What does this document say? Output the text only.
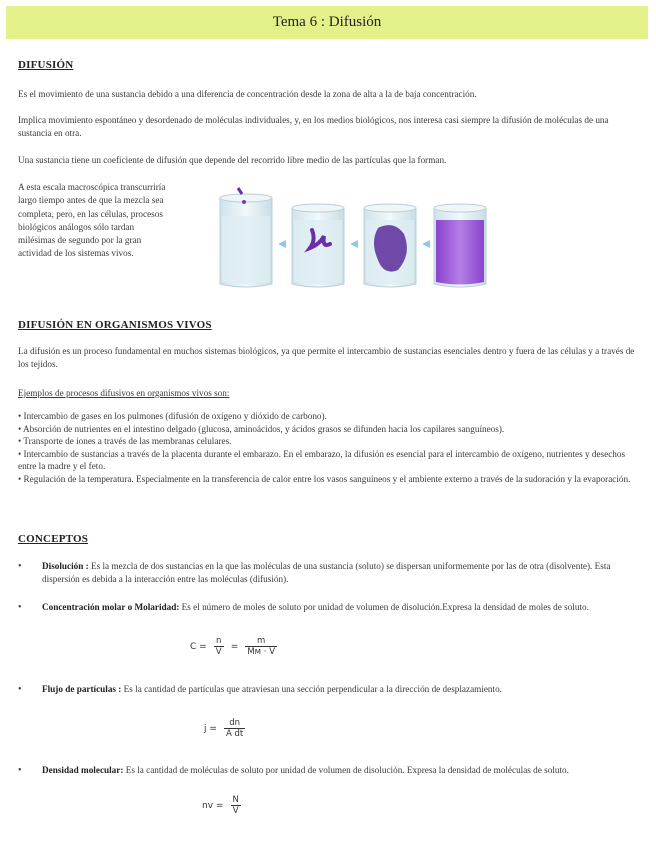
Tema 6 : Difusión
DIFUSIÓN
Es el movimiento de una sustancia debido a una diferencia de concentración desde la zona de alta a la de baja concentración.
Implica movimiento espontáneo y desordenado de moléculas individuales, y, en los medios biológicos, nos interesa casi siempre la difusión de moléculas de una sustancia en otra.
Una sustancia tiene un coeficiente de difusión que depende del recorrido libre medio de las partículas que la forman.
A esta escala macroscópica transcurriría largo tiempo antes de que la mezcla sea completa, pero, en las células, procesos biológicos análogos sólo tardan milésimas de segundo por la gran actividad de los sistemas vivos.
DIFUSIÓN EN ORGANISMOS VIVOS
La difusión es un proceso fundamental en muchos sistemas biológicos, ya que permite el intercambio de sustancias esenciales dentro y fuera de las células y a través de los tejidos.
Ejemplos de procesos difusivos en organismos vivos son:
• Intercambio de gases en los pulmones (difusión de oxígeno y dióxido de carbono).
• Absorción de nutrientes en el intestino delgado (glucosa, aminoácidos, y ácidos grasos se difunden hacia los capilares sanguíneos).
• Transporte de iones a través de las membranas celulares.
• Intercambio de sustancias a través de la placenta durante el embarazo. En el embarazo, la difusión es esencial para el intercambio de oxígeno, nutrientes y desechos entre la madre y el feto.
• Regulación de la temperatura. Especialmente en la transferencia de calor entre los vasos sanguíneos y el ambiente externo a través de la sudoración y la evaporación.
CONCEPTOS
• Disolución : Es la mezcla de dos sustancias en la que las moléculas de una sustancia (soluto) se dispersan uniformemente por las de otra (disolvente). Esta dispersión es debida a la interacción entre las moléculas (difusión).
• Concentración molar o Molaridad: Es el número de moles de soluto por unidad de volumen de disolución.Expresa la densidad de moles de soluto.
$C = \frac{n}{V} = \frac{m}{Mм \cdot V}$
• Flujo de partículas : Es la cantidad de partículas que atraviesan una sección perpendicular a la dirección de desplazamiento.
$j = \frac{dn}{\text{A dt}}$
• Densidad molecular: Es la cantidad de moléculas de soluto por unidad de volumen de disolución. Expresa la densidad de moléculas de soluto.
nv = $\frac{N}{V}$
